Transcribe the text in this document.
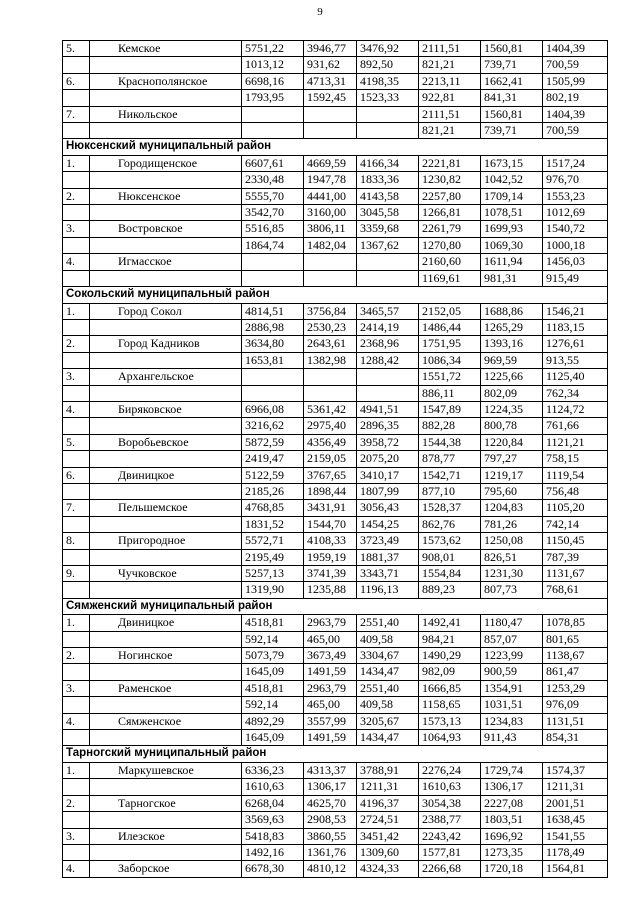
9
5.	Кемское	5751,22	3946,77	3476,92	2111,51	1560,81	1404,39
		1013,12	931,62	892,50	821,21	739,71	700,59
6.	Краснополянское	6698,16	4713,31	4198,35	2213,11	1662,41	1505,99
		1793,95	1592,45	1523,33	922,81	841,31	802,19
7.	Никольское				2111,51	1560,81	1404,39
					821,21	739,71	700,59
Нюксенский муниципальный район							
1.	Городищенское	6607,61	4669,59	4166,34	2221,81	1673,15	1517,24
		2330,48	1947,78	1833,36	1230,82	1042,52	976,70
2.	Нюксенское	5555,70	4441,00	4143,58	2257,80	1709,14	1553,23
		3542,70	3160,00	3045,58	1266,81	1078,51	1012,69
3.	Востровское	5516,85	3806,11	3359,68	2261,79	1699,93	1540,72
		1864,74	1482,04	1367,62	1270,80	1069,30	1000,18
4.	Игмасское				2160,60	1611,94	1456,03
					1169,61	981,31	915,49
Сокольский муниципальный район							
1.	Город Сокол	4814,51	3756,84	3465,57	2152,05	1688,86	1546,21
		2886,98	2530,23	2414,19	1486,44	1265,29	1183,15
2.	Город Кадников	3634,80	2643,61	2368,96	1751,95	1393,16	1276,61
		1653,81	1382,98	1288,42	1086,34	969,59	913,55
3.	Архангельское				1551,72	1225,66	1125,40
					886,11	802,09	762,34
4.	Биряковское	6966,08	5361,42	4941,51	1547,89	1224,35	1124,72
		3216,62	2975,40	2896,35	882,28	800,78	761,66
5.	Воробьевское	5872,59	4356,49	3958,72	1544,38	1220,84	1121,21
		2419,47	2159,05	2075,20	878,77	797,27	758,15
6.	Двиницкое	5122,59	3767,65	3410,17	1542,71	1219,17	1119,54
		2185,26	1898,44	1807,99	877,10	795,60	756,48
7.	Пельшемское	4768,85	3431,91	3056,43	1528,37	1204,83	1105,20
		1831,52	1544,70	1454,25	862,76	781,26	742,14
8.	Пригородное	5572,71	4108,33	3723,49	1573,62	1250,08	1150,45
		2195,49	1959,19	1881,37	908,01	826,51	787,39
9.	Чучковское	5257,13	3741,39	3343,71	1554,84	1231,30	1131,67
		1319,90	1235,88	1196,13	889,23	807,73	768,61
Сямженский муниципальный район							
1.	Двиницкое	4518,81	2963,79	2551,40	1492,41	1180,47	1078,85
		592,14	465,00	409,58	984,21	857,07	801,65
2.	Ногинское	5073,79	3673,49	3304,67	1490,29	1223,99	1138,67
		1645,09	1491,59	1434,47	982,09	900,59	861,47
3.	Раменское	4518,81	2963,79	2551,40	1666,85	1354,91	1253,29
		592,14	465,00	409,58	1158,65	1031,51	976,09
4.	Сямженское	4892,29	3557,99	3205,67	1573,13	1234,83	1131,51
		1645,09	1491,59	1434,47	1064,93	911,43	854,31
Тарногский муниципальный район							
1.	Маркушевское	6336,23	4313,37	3788,91	2276,24	1729,74	1574,37
		1610,63	1306,17	1211,31	1610,63	1306,17	1211,31
2.	Тарногское	6268,04	4625,70	4196,37	3054,38	2227,08	2001,51
		3569,63	2908,53	2724,51	2388,77	1803,51	1638,45
3.	Илезское	5418,83	3860,55	3451,42	2243,42	1696,92	1541,55
		1492,16	1361,76	1309,60	1577,81	1273,35	1178,49
4.	Заборское	6678,30	4810,12	4324,33	2266,68	1720,18	1564,81
